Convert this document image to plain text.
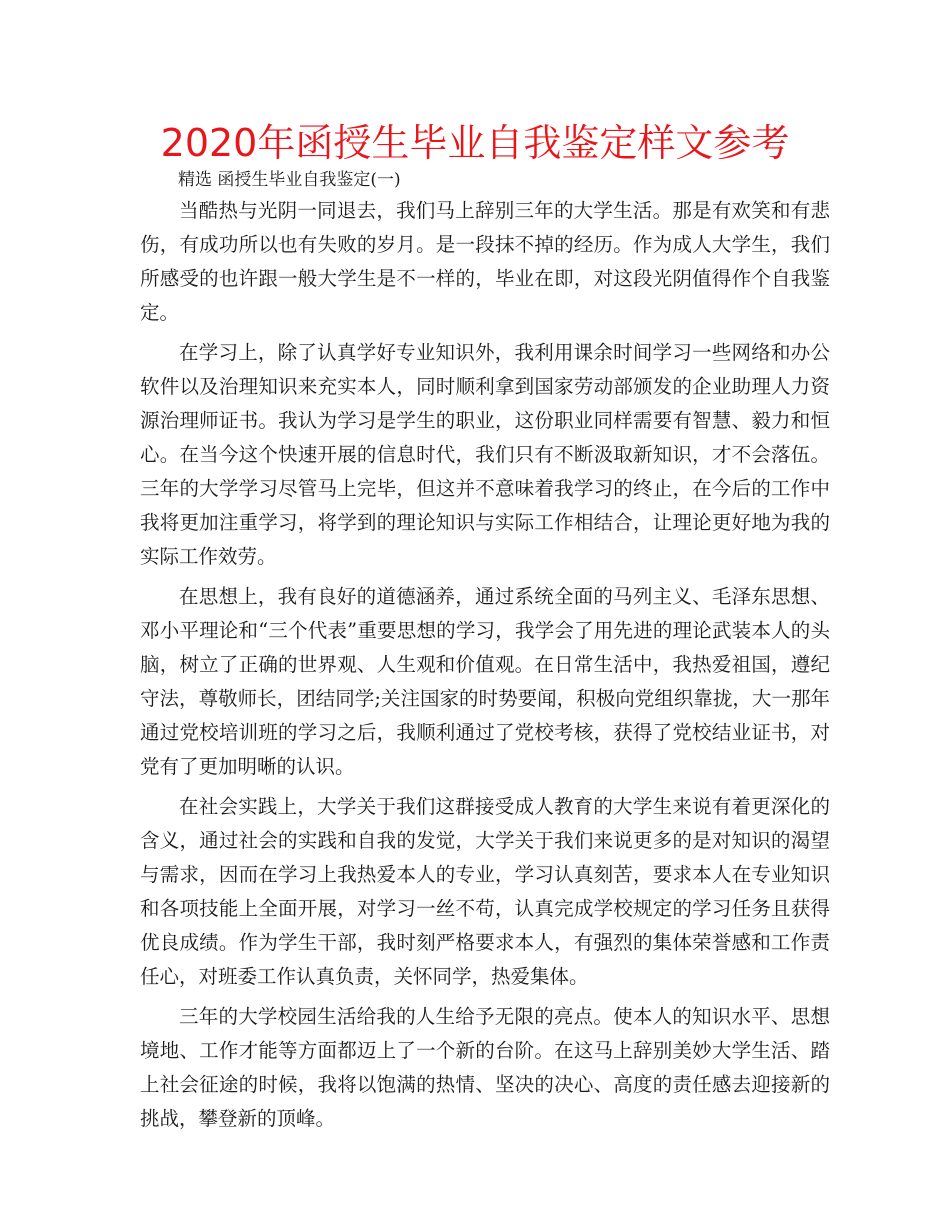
2020年函授生毕业自我鉴定样文参考
精选 函授生毕业自我鉴定(一)

当酷热与光阴一同退去，我们马上辞别三年的大学生活。那是有欢笑和有悲伤，有成功所以也有失败的岁月。是一段抹不掉的经历。作为成人大学生，我们所感受的也许跟一般大学生是不一样的，毕业在即，对这段光阴值得作个自我鉴定。

在学习上，除了认真学好专业知识外，我利用课余时间学习一些网络和办公软件以及治理知识来充实本人，同时顺利拿到国家劳动部颁发的企业助理人力资源治理师证书。我认为学习是学生的职业，这份职业同样需要有智慧、毅力和恒心。在当今这个快速开展的信息时代，我们只有不断汲取新知识，才不会落伍。三年的大学学习尽管马上完毕，但这并不意味着我学习的终止，在今后的工作中我将更加注重学习，将学到的理论知识与实际工作相结合，让理论更好地为我的实际工作效劳。

在思想上，我有良好的道德涵养，通过系统全面的马列主义、毛泽东思想、邓小平理论和“三个代表”重要思想的学习，我学会了用先进的理论武装本人的头脑，树立了正确的世界观、人生观和价值观。在日常生活中，我热爱祖国，遵纪守法，尊敬师长，团结同学;关注国家的时势要闻，积极向党组织靠拢，大一那年通过党校培训班的学习之后，我顺利通过了党校考核，获得了党校结业证书，对党有了更加明晰的认识。

在社会实践上，大学关于我们这群接受成人教育的大学生来说有着更深化的含义，通过社会的实践和自我的发觉，大学关于我们来说更多的是对知识的渴望与需求，因而在学习上我热爱本人的专业，学习认真刻苦，要求本人在专业知识和各项技能上全面开展，对学习一丝不苟，认真完成学校规定的学习任务且获得优良成绩。作为学生干部，我时刻严格要求本人，有强烈的集体荣誉感和工作责任心，对班委工作认真负责，关怀同学，热爱集体。

三年的大学校园生活给我的人生给予无限的亮点。使本人的知识水平、思想境地、工作才能等方面都迈上了一个新的台阶。在这马上辞别美妙大学生活、踏上社会征途的时候，我将以饱满的热情、坚决的决心、高度的责任感去迎接新的挑战，攀登新的顶峰。
